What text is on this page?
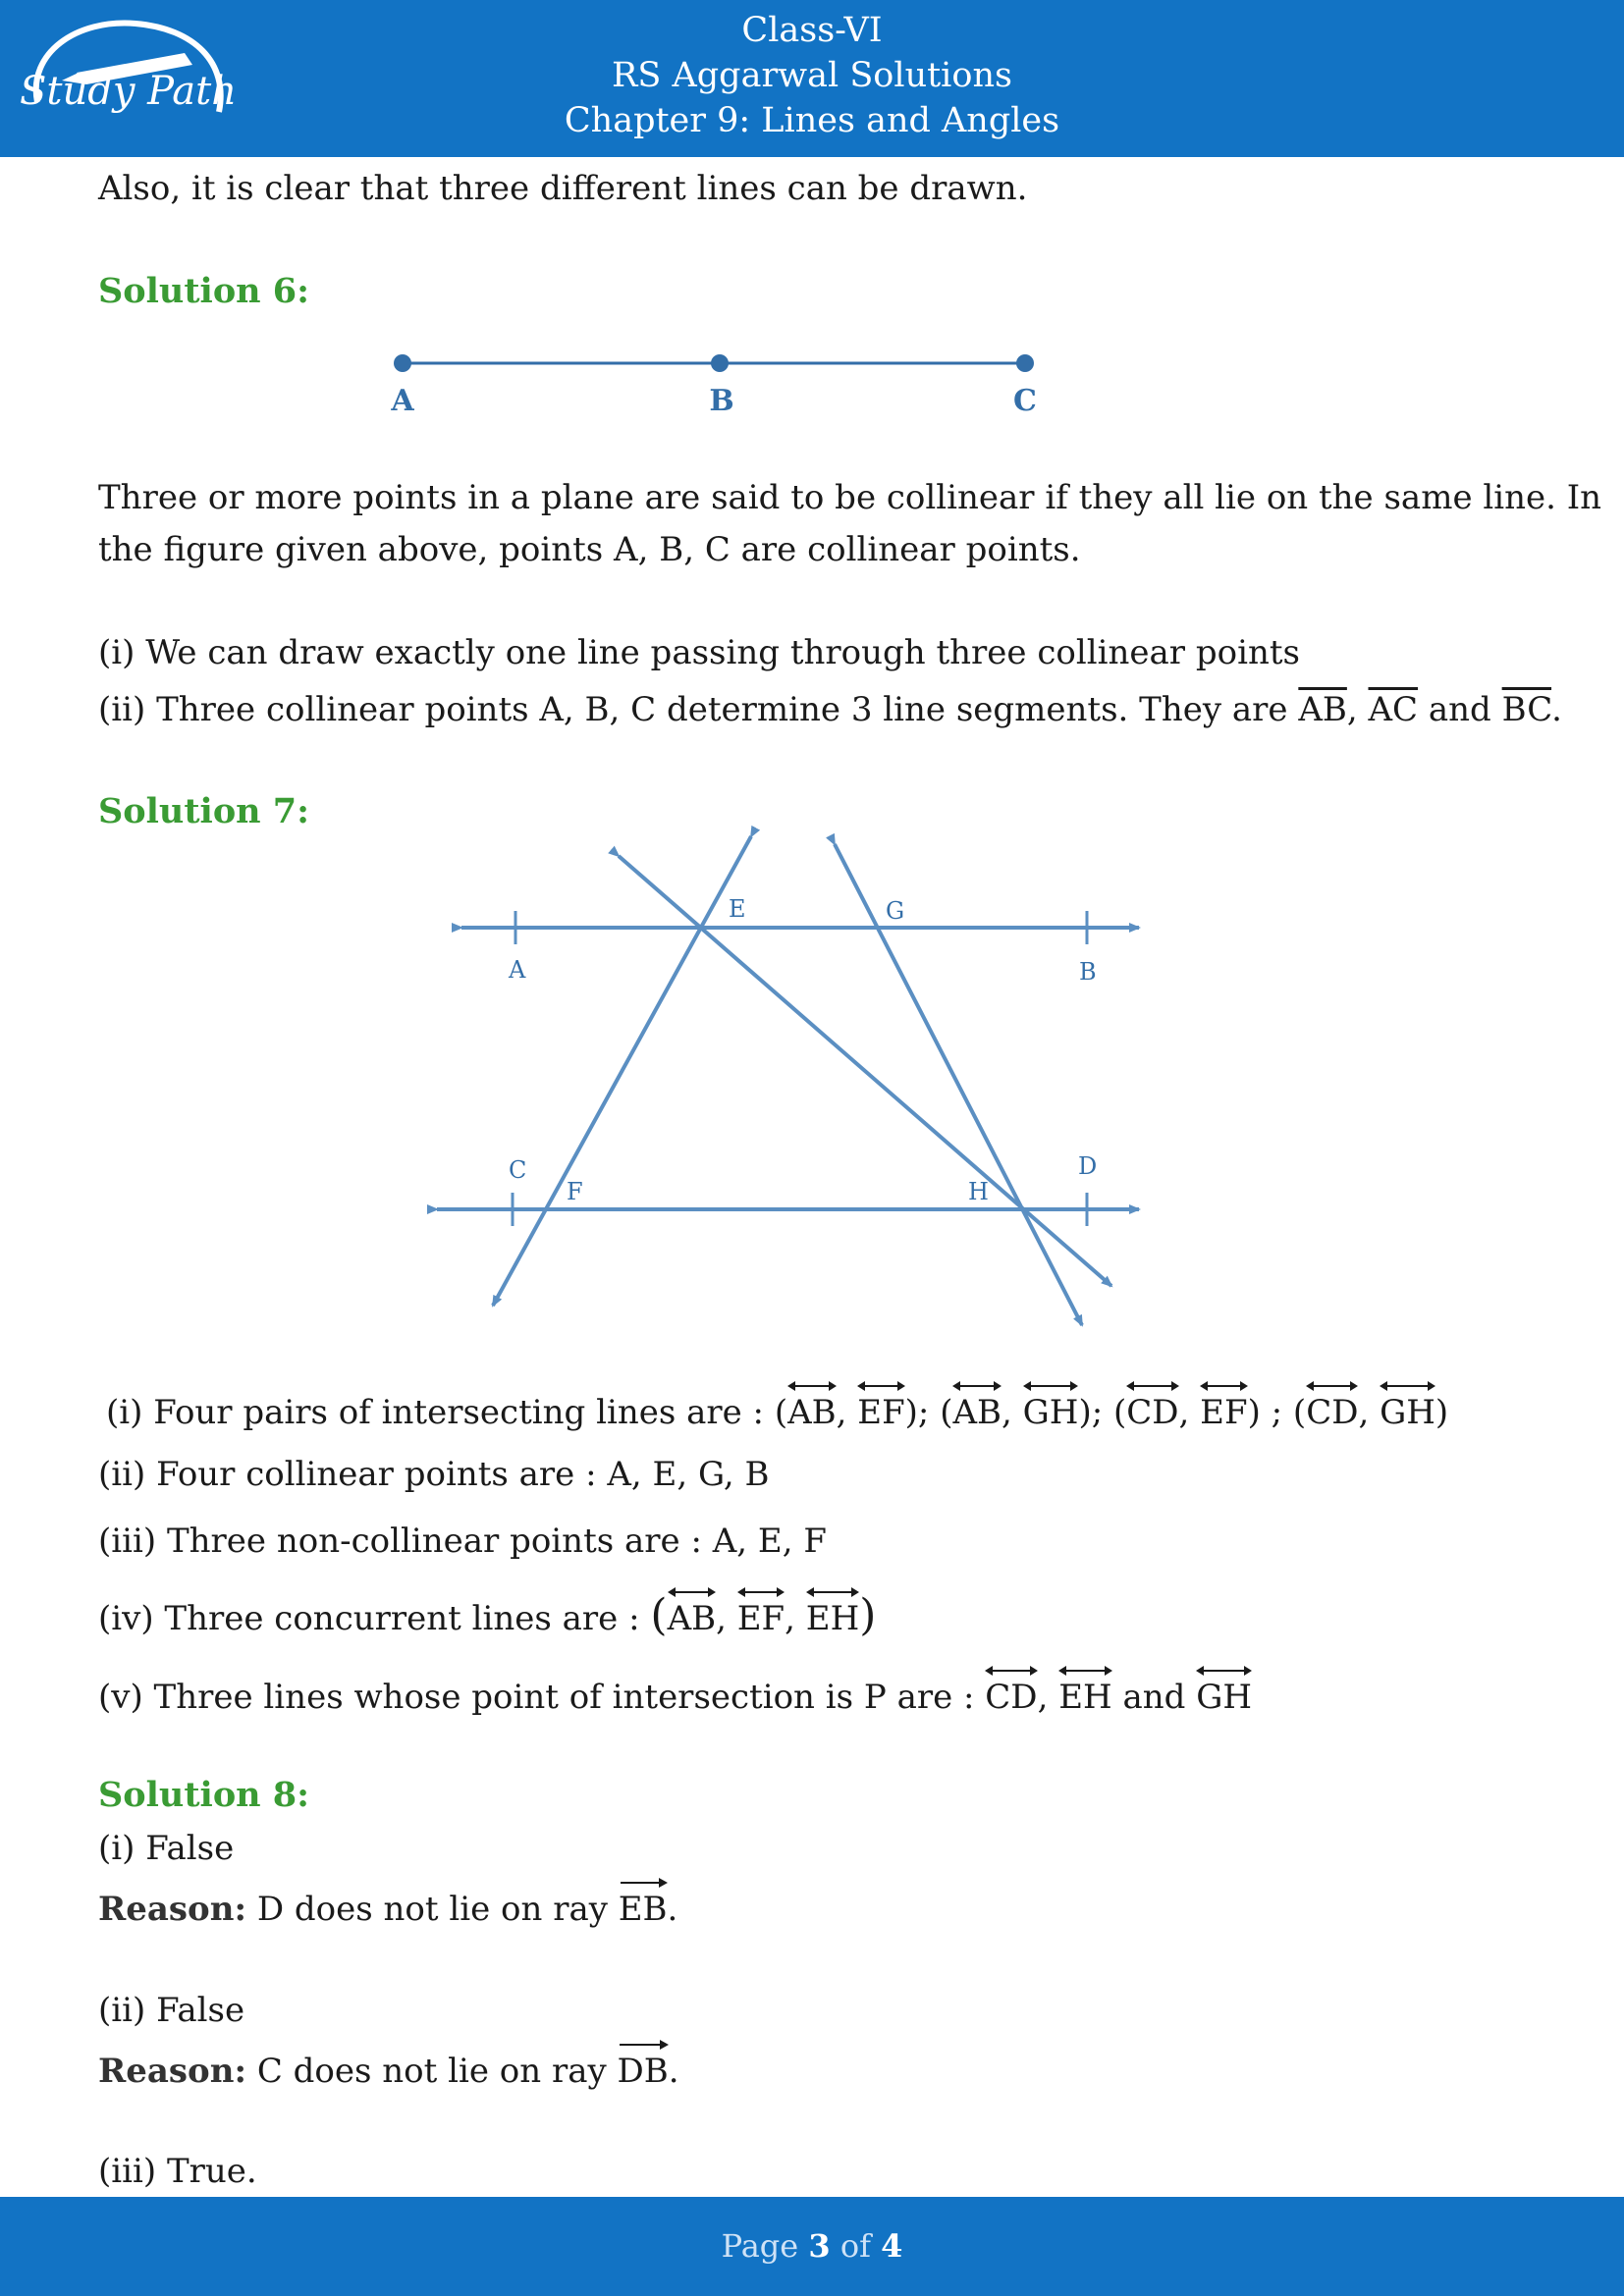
Study Path
Class-VI
RS Aggarwal Solutions
Chapter 9: Lines and Angles
Also, it is clear that three different lines can be drawn.
Solution 6:
A	B	C
Three or more points in a plane are said to be collinear if they all lie on the same line. In
the figure given above, points A, B, C are collinear points.
(i) We can draw exactly one line passing through three collinear points
(ii) Three collinear points A, B, C determine 3 line segments. They are $\overline{AB}$, $\overline{AC}$ and $\overline{BC}$.
Solution 7:
A	B
C	D
E
F
G
H
(i) Four pairs of intersecting lines are : (
AB,
EF); (
AB,
GH); (
CD,
EF) ; (
CD,
GH)
(ii) Four collinear points are : A, E, G, B
(iii) Three non-collinear points are : A, E, F
(iv) Three concurrent lines are : (
AB,
EF,
EH)
(v) Three lines whose point of intersection is P are :
CD,
EH and GH
Solution 8:
(i) False
Reason: D does not lie on ray EB.
(ii) False
Reason: C does not lie on ray DB.
(iii) True.
Page 3 of 4
